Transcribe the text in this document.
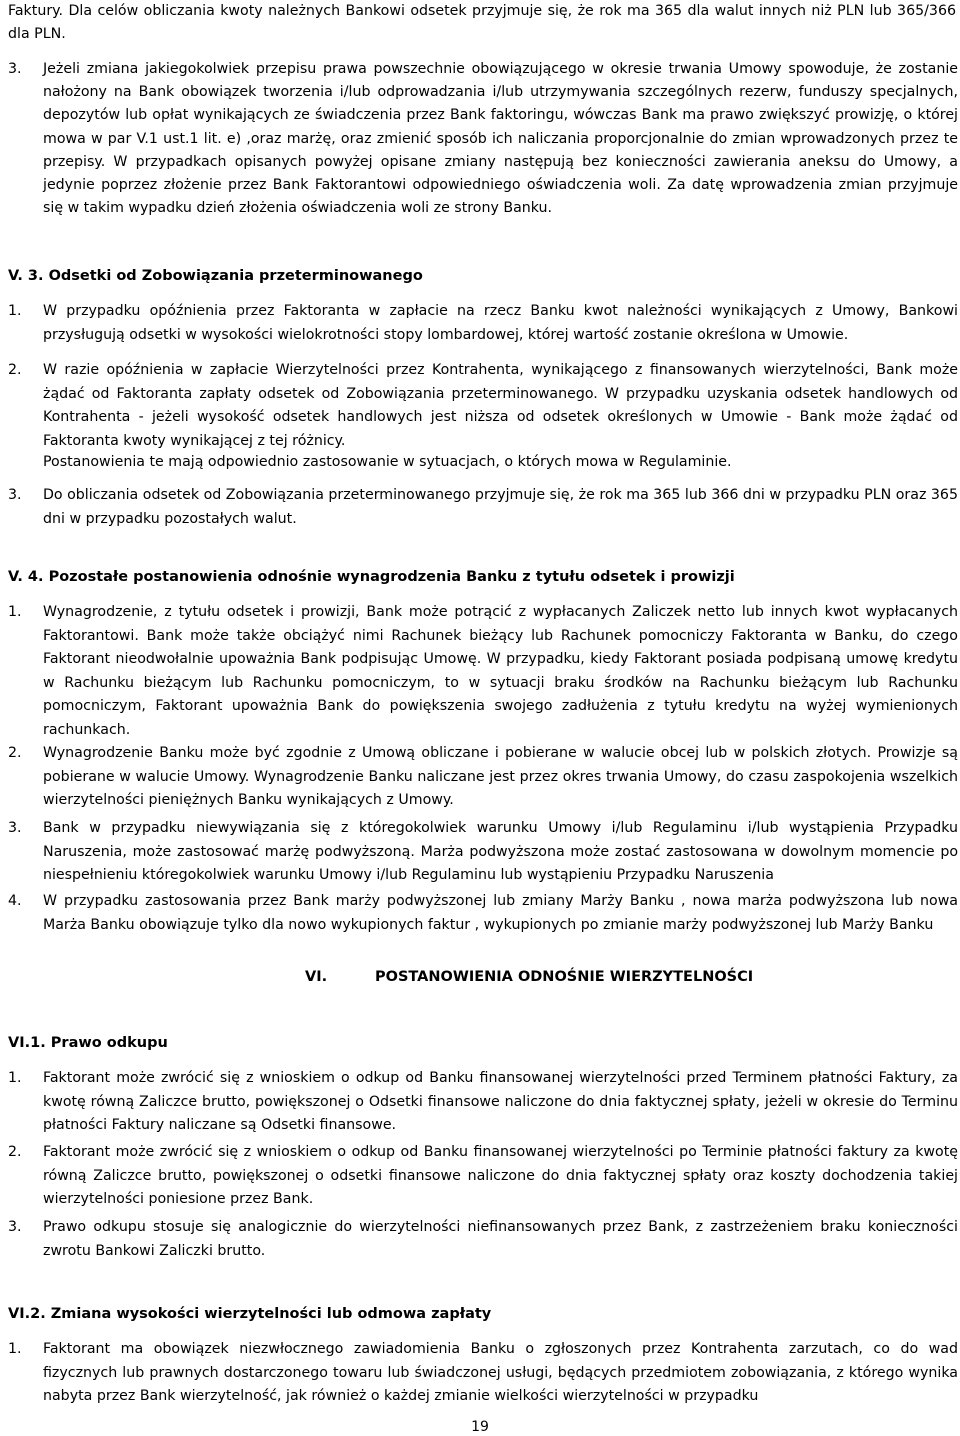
Faktury. Dla celów obliczania kwoty należnych Bankowi odsetek przyjmuje się, że rok ma 365 dla walut innych niż PLN lub 365/366 dla PLN.

3. Jeżeli zmiana jakiegokolwiek przepisu prawa powszechnie obowiązującego w okresie trwania Umowy spowoduje, że zostanie nałożony na Bank obowiązek tworzenia i/lub odprowadzania i/lub utrzymywania szczególnych rezerw, funduszy specjalnych, depozytów lub opłat wynikających ze świadczenia przez Bank faktoringu, wówczas Bank ma prawo zwiększyć prowizję, o której mowa w par V.1 ust.1 lit. e) ,oraz marżę, oraz zmienić sposób ich naliczania proporcjonalnie do zmian wprowadzonych przez te przepisy. W przypadkach opisanych powyżej opisane zmiany następują bez konieczności zawierania aneksu do Umowy, a jedynie poprzez złożenie przez Bank Faktorantowi odpowiedniego oświadczenia woli. Za datę wprowadzenia zmian przyjmuje się w takim wypadku dzień złożenia oświadczenia woli ze strony Banku.
V. 3. Odsetki od Zobowiązania przeterminowanego
1. W przypadku opóźnienia przez Faktoranta w zapłacie na rzecz Banku kwot należności wynikających z Umowy, Bankowi przysługują odsetki w wysokości wielokrotności stopy lombardowej, której wartość zostanie określona w Umowie.
2. W razie opóźnienia w zapłacie Wierzytelności przez Kontrahenta, wynikającego z finansowanych wierzytelności, Bank może żądać od Faktoranta zapłaty odsetek od Zobowiązania przeterminowanego. W przypadku uzyskania odsetek handlowych od Kontrahenta - jeżeli wysokość odsetek handlowych jest niższa od odsetek określonych w Umowie - Bank może żądać od Faktoranta kwoty wynikającej z tej różnicy.

Postanowienia te mają odpowiednio zastosowanie w sytuacjach, o których mowa w Regulaminie.

3. Do obliczania odsetek od Zobowiązania przeterminowanego przyjmuje się, że rok ma 365 lub 366 dni w przypadku PLN oraz 365 dni w przypadku pozostałych walut.
V. 4. Pozostałe postanowienia odnośnie wynagrodzenia Banku z tytułu odsetek i prowizji
1. Wynagrodzenie, z tytułu odsetek i prowizji, Bank może potrącić z wypłacanych Zaliczek netto lub innych kwot wypłacanych Faktorantowi. Bank może także obciążyć nimi Rachunek bieżący lub Rachunek pomocniczy Faktoranta w Banku, do czego Faktorant nieodwołalnie upoważnia Bank podpisując Umowę. W przypadku, kiedy Faktorant posiada podpisaną umowę kredytu w Rachunku bieżącym lub Rachunku pomocniczym, to w sytuacji braku środków na Rachunku bieżącym lub Rachunku pomocniczym, Faktorant upoważnia Bank do powiększenia swojego zadłużenia z tytułu kredytu na wyżej wymienionych rachunkach.
2. Wynagrodzenie Banku może być zgodnie z Umową obliczane i pobierane w walucie obcej lub w polskich złotych. Prowizje są pobierane w walucie Umowy. Wynagrodzenie Banku naliczane jest przez okres trwania Umowy, do czasu zaspokojenia wszelkich wierzytelności pieniężnych Banku wynikających z Umowy.
3. Bank w przypadku niewywiązania się z któregokolwiek warunku Umowy i/lub Regulaminu i/lub wystąpienia Przypadku Naruszenia, może zastosować marżę podwyższoną. Marża podwyższona może zostać zastosowana w dowolnym momencie po niespełnieniu któregokolwiek warunku Umowy i/lub Regulaminu lub wystąpieniu Przypadku Naruszenia
4. W przypadku zastosowania przez Bank marży podwyższonej lub zmiany Marży Banku , nowa marża podwyższona lub nowa Marża Banku obowiązuje tylko dla nowo wykupionych faktur , wykupionych po zmianie marży podwyższonej lub Marży Banku
VI.	POSTANOWIENIA ODNOŚNIE WIERZYTELNOŚCI
VI.1. Prawo odkupu
1. Faktorant może zwrócić się z wnioskiem o odkup od Banku finansowanej wierzytelności przed Terminem płatności Faktury, za kwotę równą Zaliczce brutto, powiększonej o Odsetki finansowe naliczone do dnia faktycznej spłaty, jeżeli w okresie do Terminu płatności Faktury naliczane są Odsetki finansowe.
2. Faktorant może zwrócić się z wnioskiem o odkup od Banku finansowanej wierzytelności po Terminie płatności faktury za kwotę równą Zaliczce brutto, powiększonej o odsetki finansowe naliczone do dnia faktycznej spłaty oraz koszty dochodzenia takiej wierzytelności poniesione przez Bank.
3. Prawo odkupu stosuje się analogicznie do wierzytelności niefinansowanych przez Bank, z zastrzeżeniem braku konieczności zwrotu Bankowi Zaliczki brutto.
VI.2. Zmiana wysokości wierzytelności lub odmowa zapłaty
1. Faktorant ma obowiązek niezwłocznego zawiadomienia Banku o zgłoszonych przez Kontrahenta zarzutach, co do wad fizycznych lub prawnych dostarczonego towaru lub świadczonej usługi, będących przedmiotem zobowiązania, z którego wynika nabyta przez Bank wierzytelność, jak również o każdej zmianie wielkości wierzytelności w przypadku
19
